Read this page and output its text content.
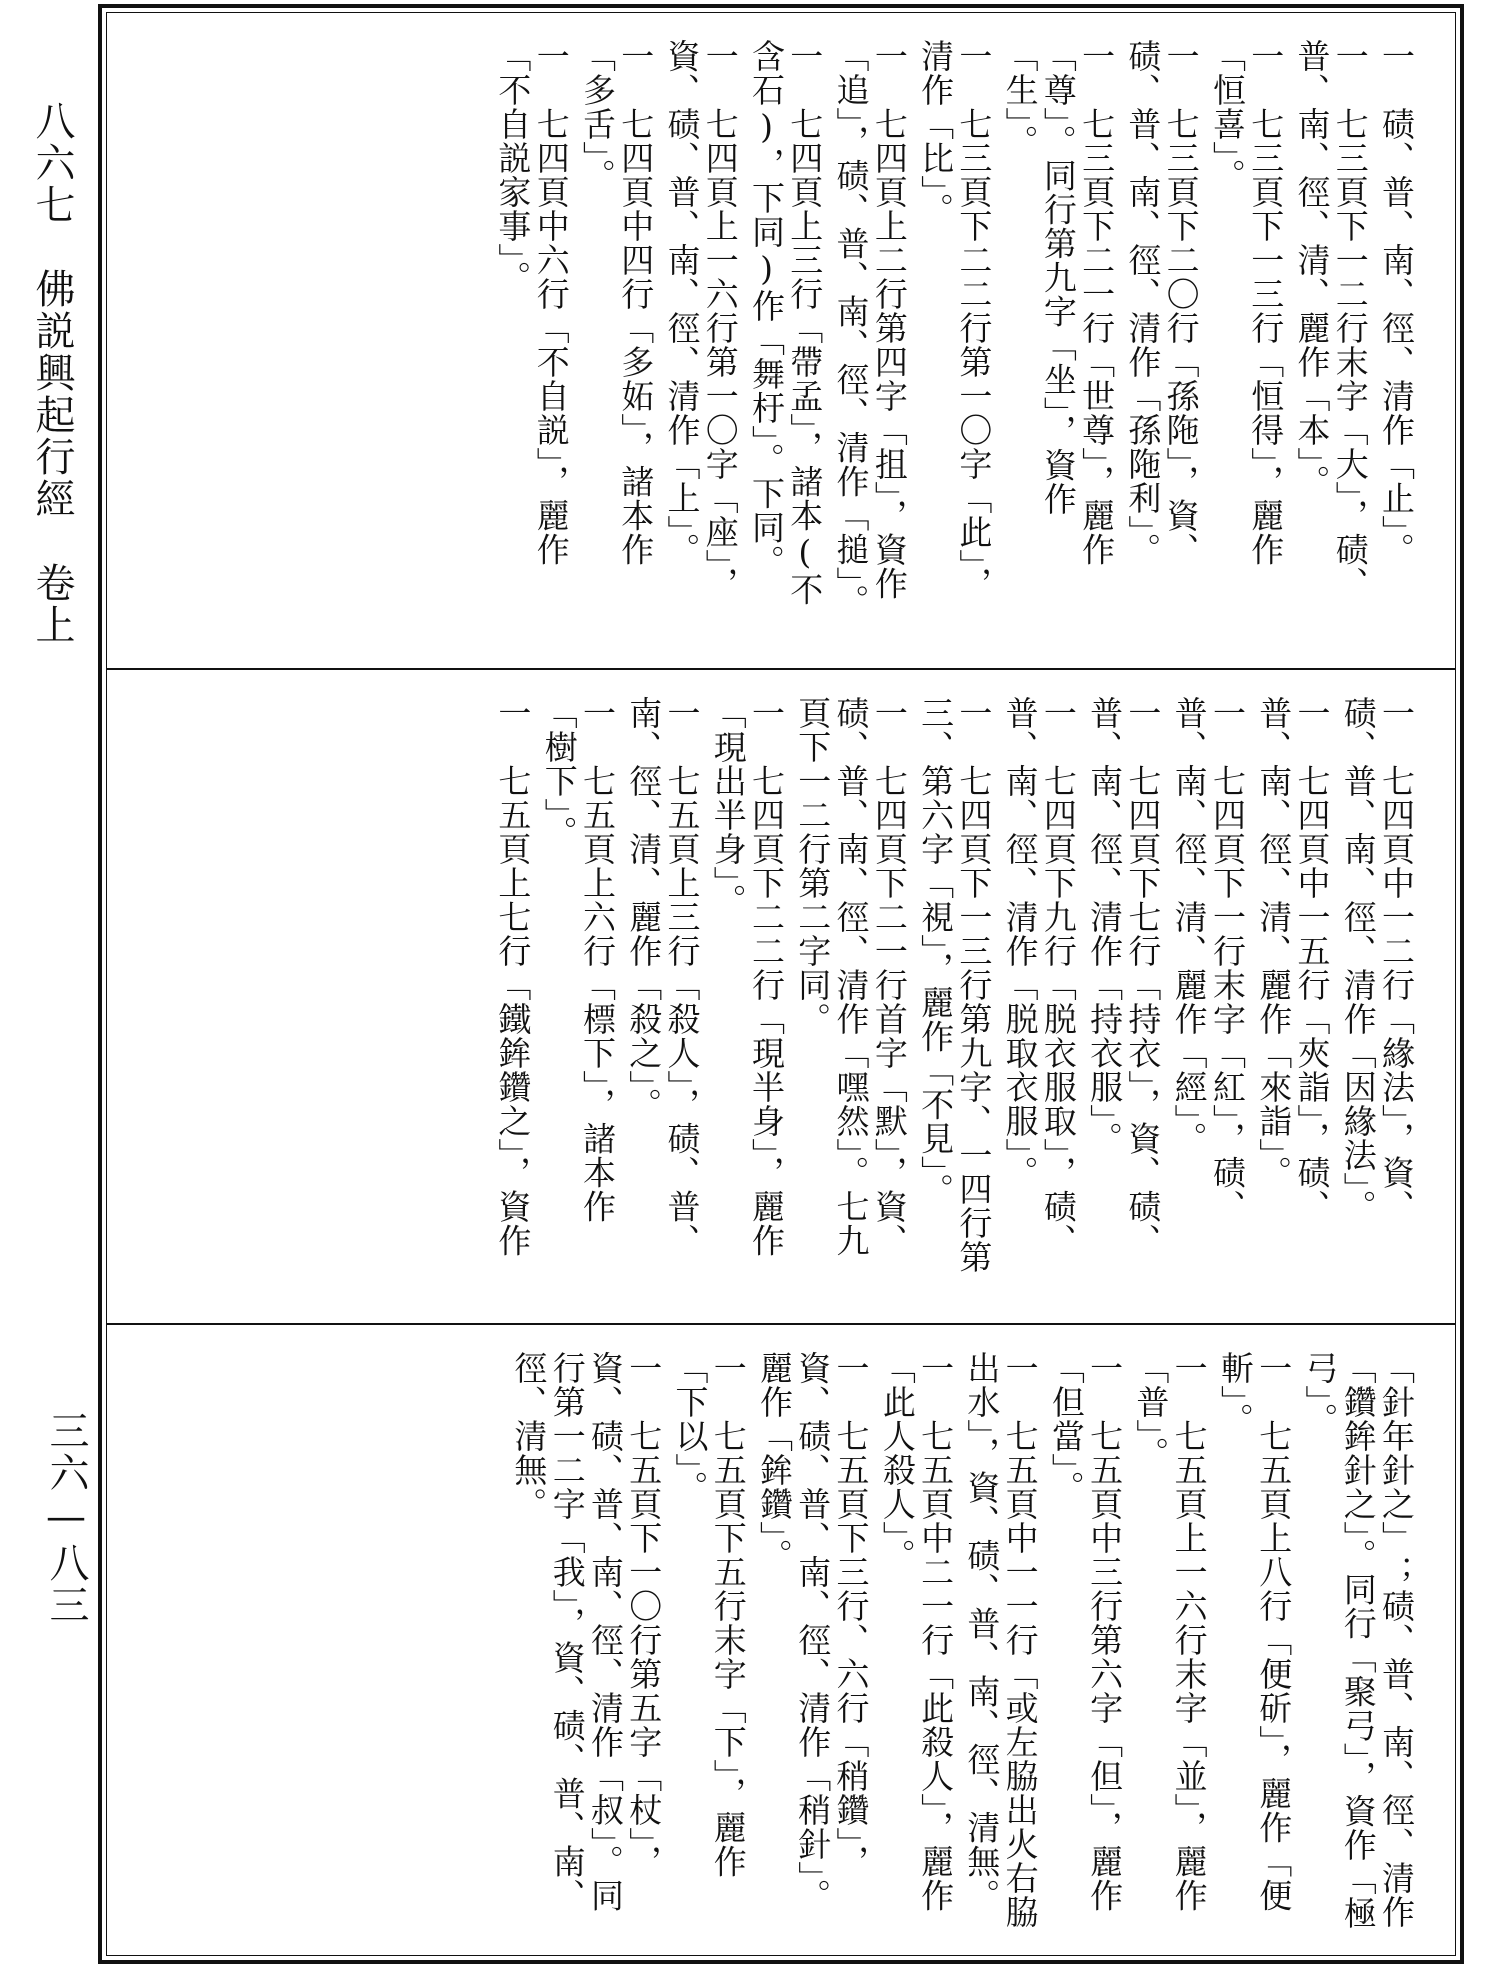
八六七　佛説興起行經　卷上
三六—八三
一　碛、普、南、徑、清作「止」。
一　七三頁下一二行末字「大」，碛、普、南、徑、清、麗作「本」。
一　七三頁下一三行「恒得」，麗作「恒喜」。
一　七三頁下二〇行「孫陁」，資、碛、普、南、徑、清作「孫陁利」。
一　七三頁下二一行「世尊」，麗作「尊」。同行第九字「坐」，資作「生」。
一　七三頁下二二行第一〇字「此」，清作「比」。
一　七四頁上二行第四字「抯」，資作「追」，碛、普、南、徑、清作「搥」。
一　七四頁上三行「帶孟」，諸本(不含石)，下同)作「舞杅」。下同。
一　七四頁上一六行第一〇字「座」，資、碛、普、南、徑、清作「上」。
一　七四頁中四行「多妬」，諸本作「多舌」。
一　七四頁中六行「不自説」，麗作「不自説家事」。
一　七四頁中一二行「緣法」，資、碛、普、南、徑、清作「因緣法」。
一　七四頁中一五行「夾詣」，碛、普、南、徑、清、麗作「來詣」。
一　七四頁下一行末字「紅」，碛、普、南、徑、清、麗作「經」。
一　七四頁下七行「持衣」，資、碛、普、南、徑、清作「持衣服」。
一　七四頁下九行「脱衣服取」，碛、普、南、徑、清作「脱取衣服」。
一　七四頁下一三行第九字、一四行第三、第六字「視」，麗作「不見」。
一　七四頁下二一行首字「默」，資、碛、普、南、徑、清作「嘿然」。七九頁下一二行第二字同。
一　七四頁下二二行「現半身」，麗作「現出半身」。
一　七五頁上三行「殺人」，碛、普、南、徑、清、麗作「殺之」。
一　七五頁上六行「標下」，諸本作「樹下」。
一　七五頁上七行「鐵鉾鑽之」，資作
「針年針之」；碛、普、南、徑、清作「鑽鉾針之」。同行「聚弓」，資作「極弓」。
一　七五頁上八行「便斫」，麗作「便斬」。
一　七五頁上一六行末字「並」，麗作「普」。
一　七五頁中三行第六字「但」，麗作「但當」。
一　七五頁中一一行「或左脇出火右脇出水」，資、碛、普、南、徑、清無。
一　七五頁中二一行「此殺人」，麗作「此人殺人」。
一　七五頁下三行、六行「稍鑽」，資、碛、普、南、徑、清作「稍針」。麗作「鉾鑽」。
一　七五頁下五行末字「下」，麗作「下以」。
一　七五頁下一〇行第五字「杖」，資、碛、普、南、徑、清作「叔」。同行第一二字「我」，資、碛、普、南、徑、清無。
